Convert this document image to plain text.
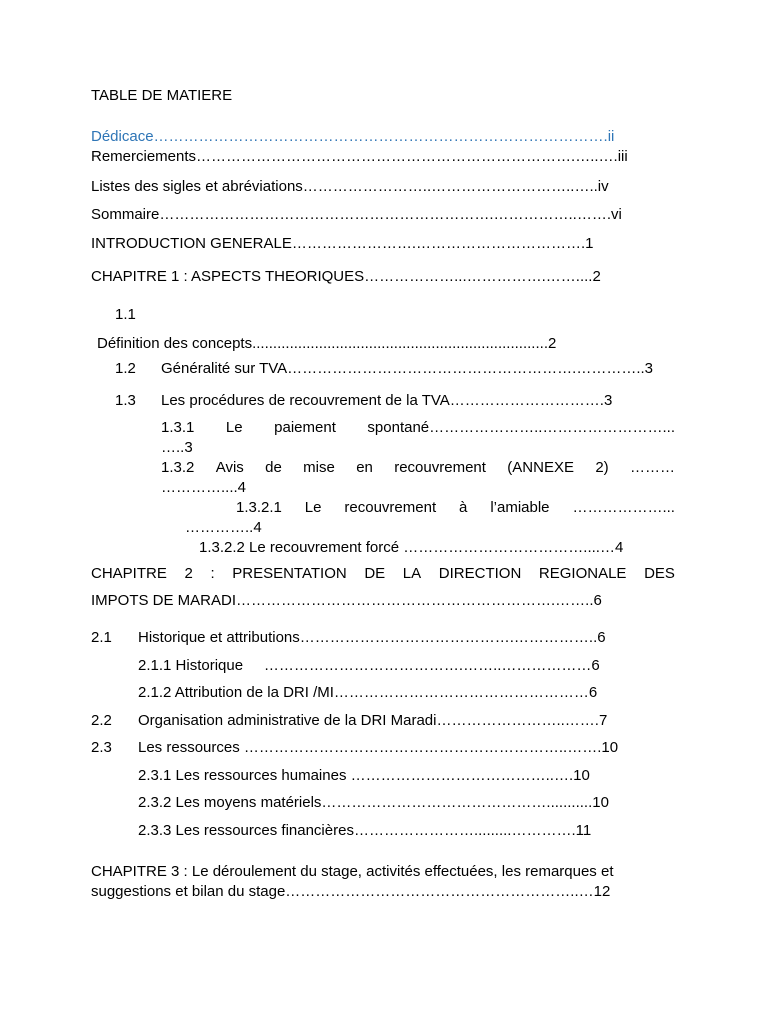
TABLE DE MATIERE
Dédicace……………………………………………………………………………….ii
Remerciements………………………………………………………………….…..….iii
Listes des sigles et abréviations……………………..………………………..…..iv
Sommaire………………………………………………………….……………..…….vi
INTRODUCTION GENERALE…………………….…………………………….1
CHAPITRE 1 : ASPECTS THEORIQUES………………...…………….……....2
1.1
Définition des concepts.......................................................................2
1.2 Généralité sur TVA………………………………………………….…………..3
1.3 Les procédures de recouvrement de la TVA………………………….3
1.3.1 Le paiement spontané…………………..……………………...
…..3
1.3.2 Avis de mise en recouvrement (ANNEXE 2) ………
…………....4
1.3.2.1 Le recouvrement à l’amiable ………………...
…………..4
1.3.2.2 Le recouvrement forcé ………………………………....…4
CHAPITRE 2 : PRESENTATION DE LA DIRECTION REGIONALE DES
IMPOTS DE MARADI……………………………………………………….……..6
2.1 Historique et attributions…………………………………….……………..6
2.1.1 Historique     ………………………………….……..………………6
2.1.2 Attribution de la DRI /MI……………………………………………6
2.2 Organisation administrative de la DRI Maradi……………………..…….7
2.3 Les ressources ………………………………………………………..…….10
2.3.1 Les ressources humaines …………………………………..….10
2.3.2 Les moyens matériels………………………………………...........10
2.3.3 Les ressources financières…………………….........………….11
CHAPITRE 3 : Le déroulement du stage, activités effectuées, les remarques et
suggestions et bilan du stage…………………………………………………..…12
